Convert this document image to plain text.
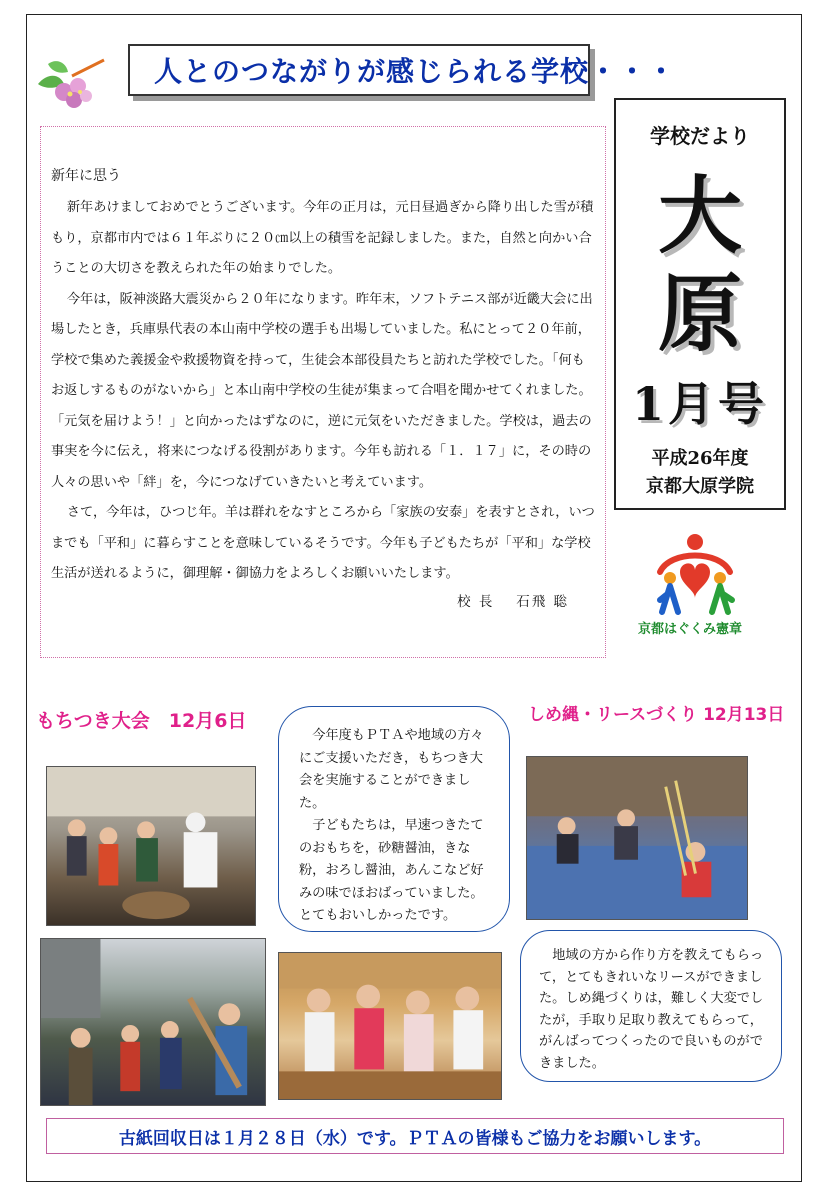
人とのつながりが感じられる学校・・・
学校だより
大
原
1月号
平成26年度
京都大原学院
新年に思う

新年あけましておめでとうございます。今年の正月は，元日昼過ぎから降り出した雪が積もり，京都市内では６１年ぶりに２０㎝以上の積雪を記録しました。また，自然と向かい合うことの大切さを教えられた年の始まりでした。

今年は，阪神淡路大震災から２０年になります。昨年末，ソフトテニス部が近畿大会に出場したとき，兵庫県代表の本山南中学校の選手も出場していました。私にとって２０年前，学校で集めた義援金や救援物資を持って，生徒会本部役員たちと訪れた学校でした。「何もお返しするものがないから」と本山南中学校の生徒が集まって合唱を聞かせてくれました。「元気を届けよう！」と向かったはずなのに，逆に元気をいただきました。学校は，過去の事実を今に伝え，将来につなげる役割があります。今年も訪れる「１．１７」に，その時の人々の思いや「絆」を，今につなげていきたいと考えています。

さて，今年は，ひつじ年。羊は群れをなすところから「家族の安泰」を表すとされ，いつまでも「平和」に暮らすことを意味しているそうです。今年も子どもたちが「平和」な学校生活が送れるように，御理解・御協力をよろしくお願いいたします。

校 長　 石飛 聡
京都はぐくみ憲章
もちつき大会　12月6日

今年度もＰＴＡや地域の方々にご支援いただき，もちつき大会を実施することができました。

子どもたちは，早速つきたてのおもちを，砂糖醤油，きな粉，おろし醤油，あんこなど好みの味でほおばっていました。とてもおいしかったです。

しめ縄・リースづくり 12月13日

地域の方から作り方を教えてもらって，とてもきれいなリースができました。しめ縄づくりは，難しく大変でしたが，手取り足取り教えてもらって，がんばってつくったので良いものができました。

古紙回収日は１月２８日（水）です。ＰＴＡの皆様もご協力をお願いします。
